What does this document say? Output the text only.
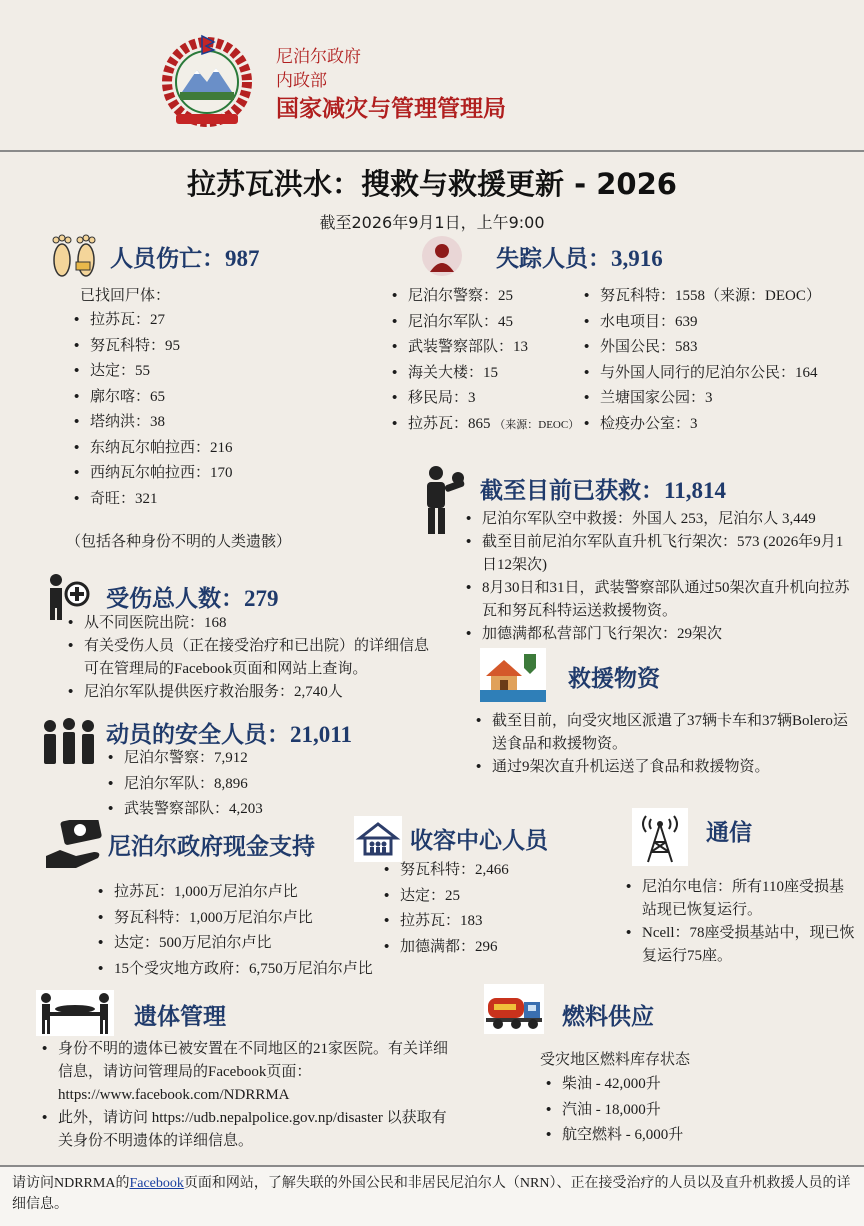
尼泊尔政府
内政部
国家减灾与管理管理局
拉苏瓦洪水：搜救与救援更新 - 2026
截至2026年9月1日，上午9:00
人员伤亡：987
已找回尸体：
• 拉苏瓦：27
• 努瓦科特：95
• 达定：55
• 廓尔喀：65
• 塔纳洪：38
• 东纳瓦尔帕拉西：216
• 西纳瓦尔帕拉西：170
• 奇旺：321
（包括各种身份不明的人类遗骸）
失踪人员：3,916
• 尼泊尔警察：25
• 尼泊尔军队：45
• 武装警察部队：13
• 海关大楼：15
• 移民局：3
• 拉苏瓦：865 （来源：DEOC）
• 努瓦科特：1558（来源：DEOC）
• 水电项目：639
• 外国公民：583
• 与外国人同行的尼泊尔公民：164
• 兰塘国家公园：3
• 检疫办公室：3
截至目前已获救：11,814
• 尼泊尔军队空中救援：外国人 253，尼泊尔人 3,449
• 截至目前尼泊尔军队直升机飞行架次：573 (2026年9月1日12架次)
• 8月30日和31日，武装警察部队通过50架次直升机向拉苏瓦和努瓦科特运送救援物资。
• 加德满都私营部门飞行架次：29架次
受伤总人数：279
• 从不同医院出院：168
• 有关受伤人员（正在接受治疗和已出院）的详细信息可在管理局的Facebook页面和网站上查询。
• 尼泊尔军队提供医疗救治服务：2,740人	救援物资
• 截至目前，向受灾地区派遣了37辆卡车和37辆Bolero运送食品和救援物资。
• 通过9架次直升机运送了食品和救援物资。
动员的安全人员：21,011
• 尼泊尔警察：7,912
• 尼泊尔军队：8,896
• 武装警察部队：4,203
尼泊尔政府现金支持
• 拉苏瓦：1,000万尼泊尔卢比
• 努瓦科特：1,000万尼泊尔卢比
• 达定：500万尼泊尔卢比
• 15个受灾地方政府：6,750万尼泊尔卢比
收容中心人员
• 努瓦科特：2,466
• 达定：25
• 拉苏瓦：183
• 加德满都：296
通信
• 尼泊尔电信：所有110座受损基站现已恢复运行。
• Ncell：78座受损基站中，现已恢复运行75座。
遗体管理
• 身份不明的遗体已被安置在不同地区的21家医院。有关详细信息，请访问管理局的Facebook页面：https://www.facebook.com/NDRRMA
• 此外，请访问 https://udb.nepalpolice.gov.np/disaster 以获取有关身份不明遗体的详细信息。
燃料供应
受灾地区燃料库存状态
• 柴油 - 42,000升
• 汽油 - 18,000升
• 航空燃料 - 6,000升
请访问NDRRMA的Facebook页面和网站，了解失联的外国公民和非居民尼泊尔人（NRN）、正在接受治疗的人员以及直升机救援人员的详细信息。
